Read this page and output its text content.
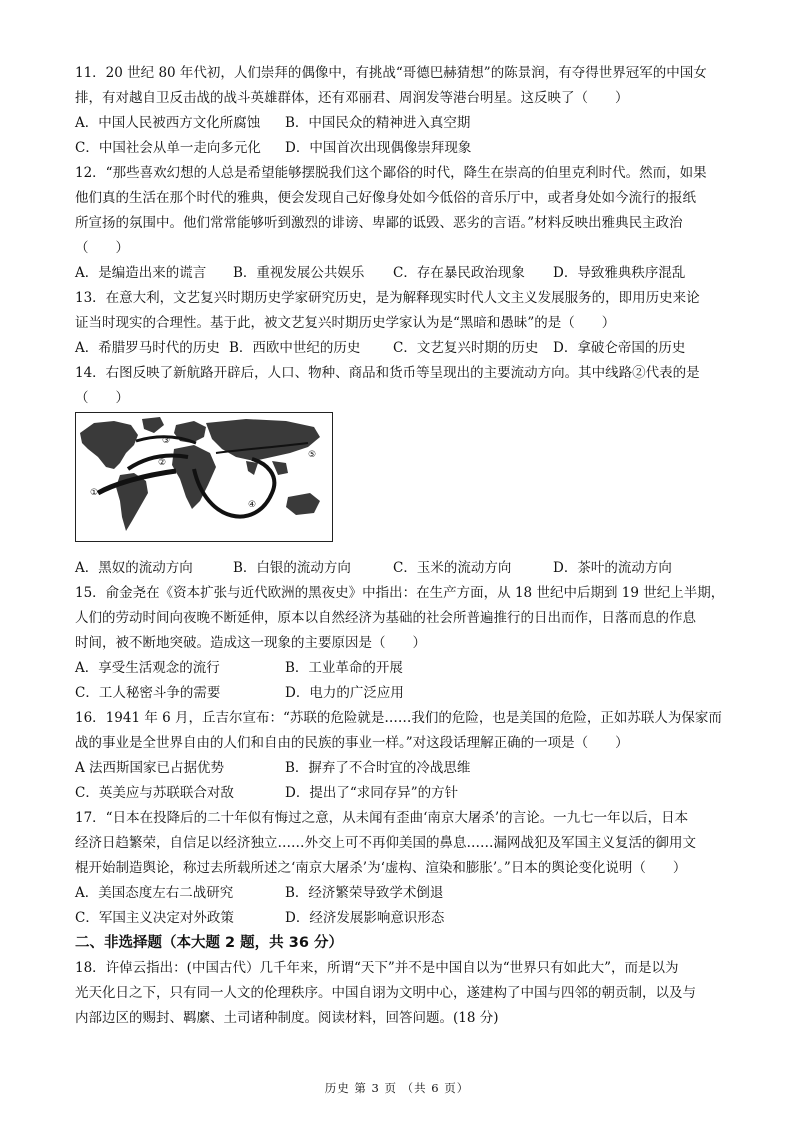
11．20 世纪 80 年代初，人们崇拜的偶像中，有挑战“哥德巴赫猜想”的陈景润，有夺得世界冠军的中国女
排，有对越自卫反击战的战斗英雄群体，还有邓丽君、周润发等港台明星。这反映了（　　）
A．中国人民被西方文化所腐蚀 B．中国民众的精神进入真空期
C．中国社会从单一走向多元化 D．中国首次出现偶像崇拜现象
12．“那些喜欢幻想的人总是希望能够摆脱我们这个鄙俗的时代，降生在崇高的伯里克利时代。然而，如果
他们真的生活在那个时代的雅典，便会发现自己好像身处如今低俗的音乐厅中，或者身处如今流行的报纸
所宣扬的氛围中。他们常常能够听到激烈的诽谤、卑鄙的诋毁、恶劣的言语。”材料反映出雅典民主政治
（　　）
A．是编造出来的谎言 B．重视发展公共娱乐 C．存在暴民政治现象 D．导致雅典秩序混乱
13．在意大利，文艺复兴时期历史学家研究历史，是为解释现实时代人文主义发展服务的，即用历史来论
证当时现实的合理性。基于此，被文艺复兴时期历史学家认为是“黑暗和愚昧”的是（　　）
A．希腊罗马时代的历史 B．西欧中世纪的历史 C．文艺复兴时期的历史 D．拿破仑帝国的历史
14．右图反映了新航路开辟后，人口、物种、商品和货币等呈现出的主要流动方向。其中线路②代表的是
（　　）
①
②
③
④
⑤
A．黑奴的流动方向	B．白银的流动方向	C．玉米的流动方向	D．茶叶的流动方向
15．俞金尧在《资本扩张与近代欧洲的黑夜史》中指出：在生产方面，从 18 世纪中后期到 19 世纪上半期，
人们的劳动时间向夜晚不断延伸，原本以自然经济为基础的社会所普遍推行的日出而作，日落而息的作息
时间，被不断地突破。造成这一现象的主要原因是（　　）
A．享受生活观念的流行	B．工业革命的开展
C．工人秘密斗争的需要	D．电力的广泛应用
16．1941 年 6 月，丘吉尔宣布：“苏联的危险就是……我们的危险，也是美国的危险，正如苏联人为保家而
战的事业是全世界自由的人们和自由的民族的事业一样。”对这段话理解正确的一项是（　　）
A 法西斯国家已占据优势	B．摒弃了不合时宜的冷战思维
C．英美应与苏联联合对敌	D．提出了“求同存异”的方针
17．“日本在投降后的二十年似有悔过之意，从未闻有歪曲‘南京大屠杀’的言论。一九七一年以后，日本
经济日趋繁荣，自信足以经济独立……外交上可不再仰美国的鼻息……漏网战犯及军国主义复活的御用文
棍开始制造舆论，称过去所载所述之‘南京大屠杀’为‘虚构、渲染和膨胀’。”日本的舆论变化说明（　　）
A．美国态度左右二战研究	B．经济繁荣导致学术倒退
C．军国主义决定对外政策	D．经济发展影响意识形态
二、非选择题（本大题 2 题，共 36 分）
18．许倬云指出：(中国古代）几千年来，所谓“天下”并不是中国自以为“世界只有如此大”，而是以为
光天化日之下，只有同一人文的伦理秩序。中国自诩为文明中心，遂建构了中国与四邻的朝贡制，以及与
内部边区的赐封、羁縻、土司诸种制度。阅读材料，回答问题。(18 分)
历史 第 3 页 （共 6 页）
